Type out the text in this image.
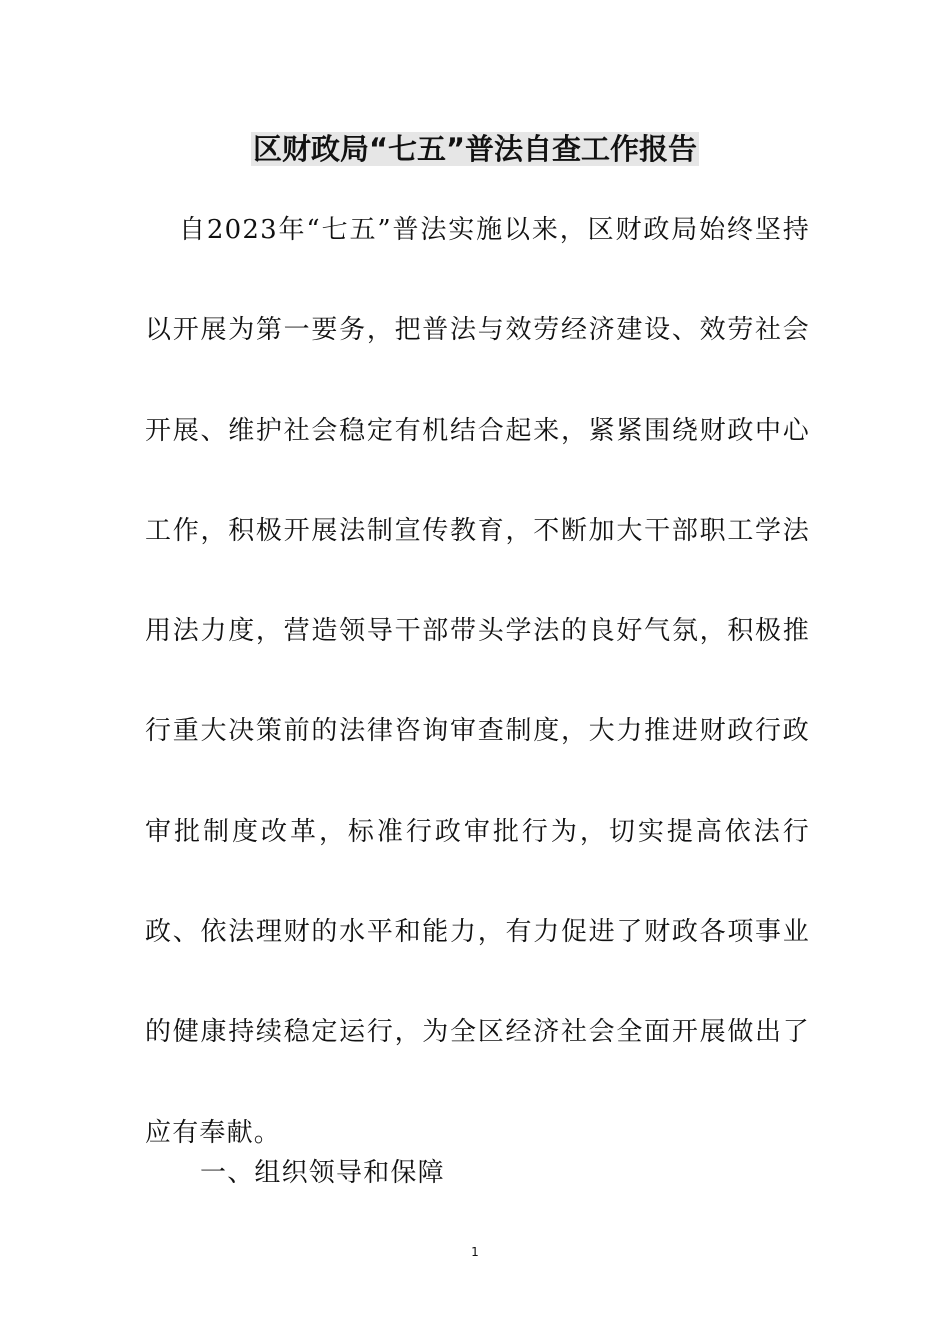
区财政局“七五”普法自查工作报告

自2023年“七五”普法实施以来，区财政局始终坚持以开展为第一要务，把普法与效劳经济建设、效劳社会开展、维护社会稳定有机结合起来，紧紧围绕财政中心工作，积极开展法制宣传教育，不断加大干部职工学法用法力度，营造领导干部带头学法的良好气氛，积极推行重大决策前的法律咨询审查制度，大力推进财政行政审批制度改革，标准行政审批行为，切实提高依法行政、依法理财的水平和能力，有力促进了财政各项事业的健康持续稳定运行，为全区经济社会全面开展做出了应有奉献。

一、组织领导和保障

1
